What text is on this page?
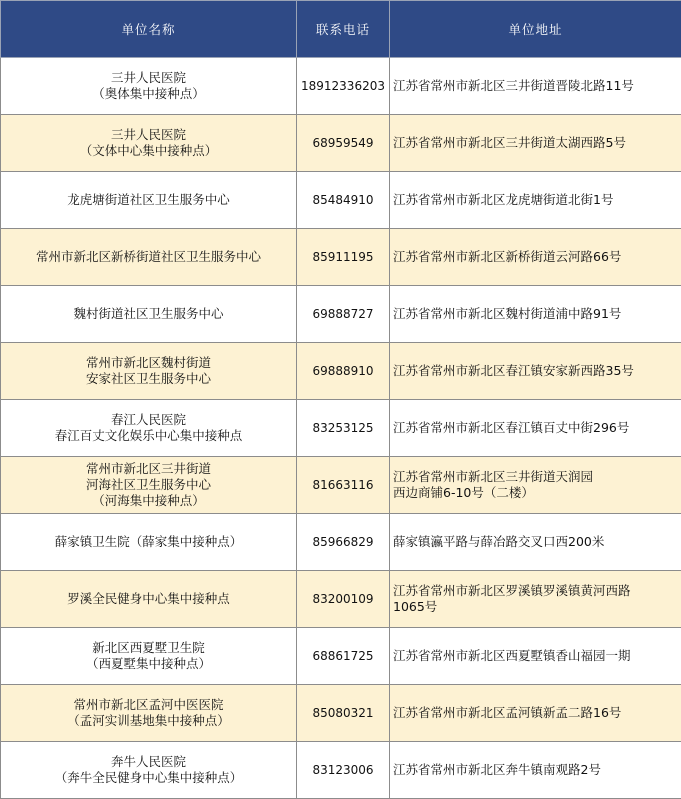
单位名称	联系电话	单位地址

三井人民医院
（奥体集中接种点）	18912336203	江苏省常州市新北区三井街道晋陵北路11号

三井人民医院
（文体中心集中接种点）	68959549	江苏省常州市新北区三井街道太湖西路5号

龙虎塘街道社区卫生服务中心	85484910	江苏省常州市新北区龙虎塘街道北街1号

常州市新北区新桥街道社区卫生服务中心	85911195	江苏省常州市新北区新桥街道云河路66号

魏村街道社区卫生服务中心	69888727	江苏省常州市新北区魏村街道浦中路91号

常州市新北区魏村街道
安家社区卫生服务中心	69888910	江苏省常州市新北区春江镇安家新西路35号

春江人民医院
春江百丈文化娱乐中心集中接种点	83253125	江苏省常州市新北区春江镇百丈中街296号

常州市新北区三井街道
河海社区卫生服务中心
（河海集中接种点）	81663116	江苏省常州市新北区三井街道天润园
西边商铺6-10号（二楼）

薛家镇卫生院（薛家集中接种点）	85966829	薛家镇瀛平路与薛冶路交叉口西200米

罗溪全民健身中心集中接种点	83200109	江苏省常州市新北区罗溪镇罗溪镇黄河西路
1065号

新北区西夏墅卫生院
（西夏墅集中接种点）	68861725	江苏省常州市新北区西夏墅镇香山福园一期

常州市新北区孟河中医医院
（孟河实训基地集中接种点）	85080321	江苏省常州市新北区孟河镇新孟二路16号

奔牛人民医院
（奔牛全民健身中心集中接种点）	83123006	江苏省常州市新北区奔牛镇南观路2号
